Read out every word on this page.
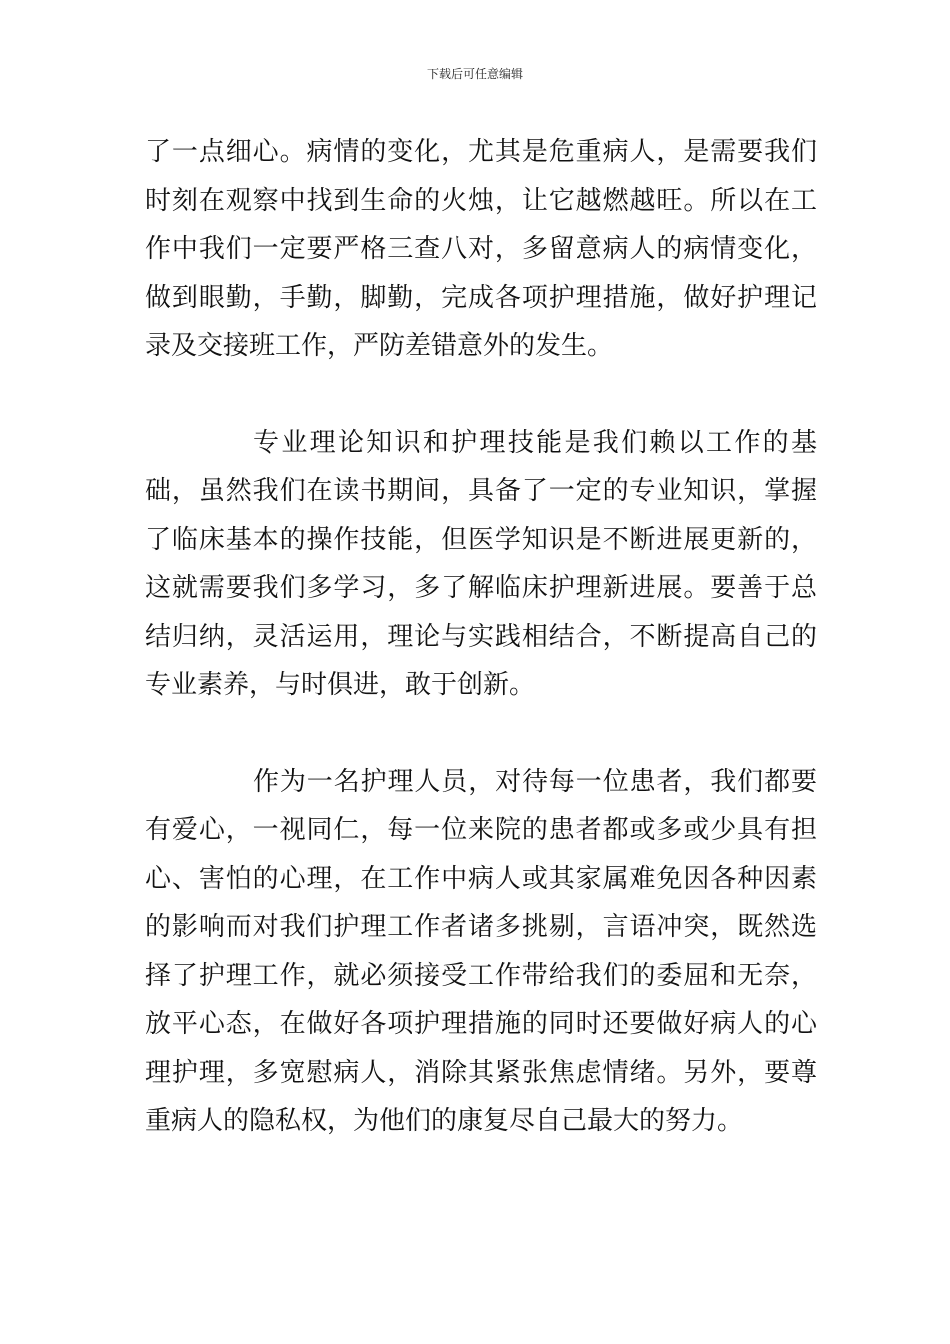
下载后可任意编辑

了一点细心。病情的变化，尤其是危重病人，是需要我们时刻在观察中找到生命的火烛，让它越燃越旺。所以在工作中我们一定要严格三查八对，多留意病人的病情变化，做到眼勤，手勤，脚勤，完成各项护理措施，做好护理记录及交接班工作，严防差错意外的发生。

专业理论知识和护理技能是我们赖以工作的基础，虽然我们在读书期间，具备了一定的专业知识，掌握了临床基本的操作技能，但医学知识是不断进展更新的，这就需要我们多学习，多了解临床护理新进展。要善于总结归纳，灵活运用，理论与实践相结合，不断提高自己的专业素养，与时俱进，敢于创新。

作为一名护理人员，对待每一位患者，我们都要有爱心，一视同仁，每一位来院的患者都或多或少具有担心、害怕的心理，在工作中病人或其家属难免因各种因素的影响而对我们护理工作者诸多挑剔，言语冲突，既然选择了护理工作，就必须接受工作带给我们的委屈和无奈，放平心态，在做好各项护理措施的同时还要做好病人的心理护理，多宽慰病人，消除其紧张焦虑情绪。另外，要尊重病人的隐私权，为他们的康复尽自己最大的努力。
